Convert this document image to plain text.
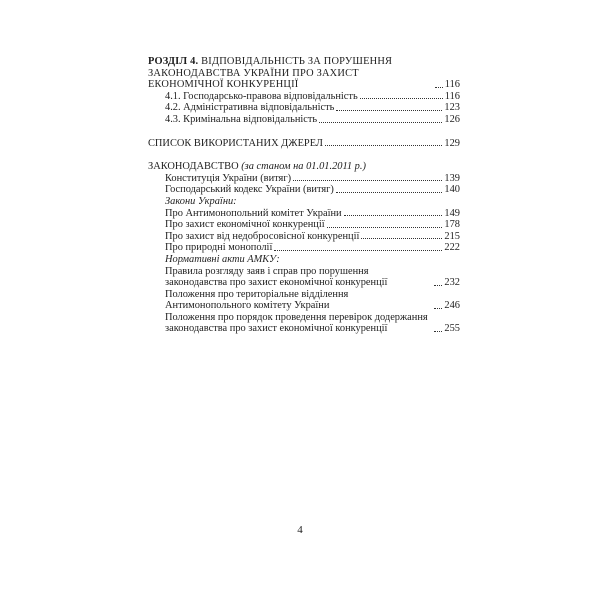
РОЗДІЛ 4. ВІДПОВІДАЛЬНІСТЬ ЗА ПОРУШЕННЯ ЗАКОНОДАВСТВА УКРАЇНИ ПРО ЗАХИСТ ЕКОНОМІЧНОЇ КОНКУРЕНЦІЇ	116
4.1. Господарсько-правова відповідальність	116
4.2. Адміністративна відповідальність	123
4.3. Кримінальна відповідальність	126
СПИСОК ВИКОРИСТАНИХ ДЖЕРЕЛ	129
ЗАКОНОДАВСТВО (за станом на 01.01.2011 р.)
Конституція України (витяг)	139
Господарський кодекс України (витяг)	140
Закони України:
Про Антимонопольний комітет України	149
Про захист економічної конкуренції	178
Про захист від недобросовісної конкуренції	215
Про природні монополії	222
Нормативні акти АМКУ:
Правила розгляду заяв і справ про порушення законодавства про захист економічної конкуренції	232
Положення про територіальне відділення Антимонопольного комітету України	246
Положення про порядок проведення перевірок додержання законодавства про захист економічної конкуренції	255
4
